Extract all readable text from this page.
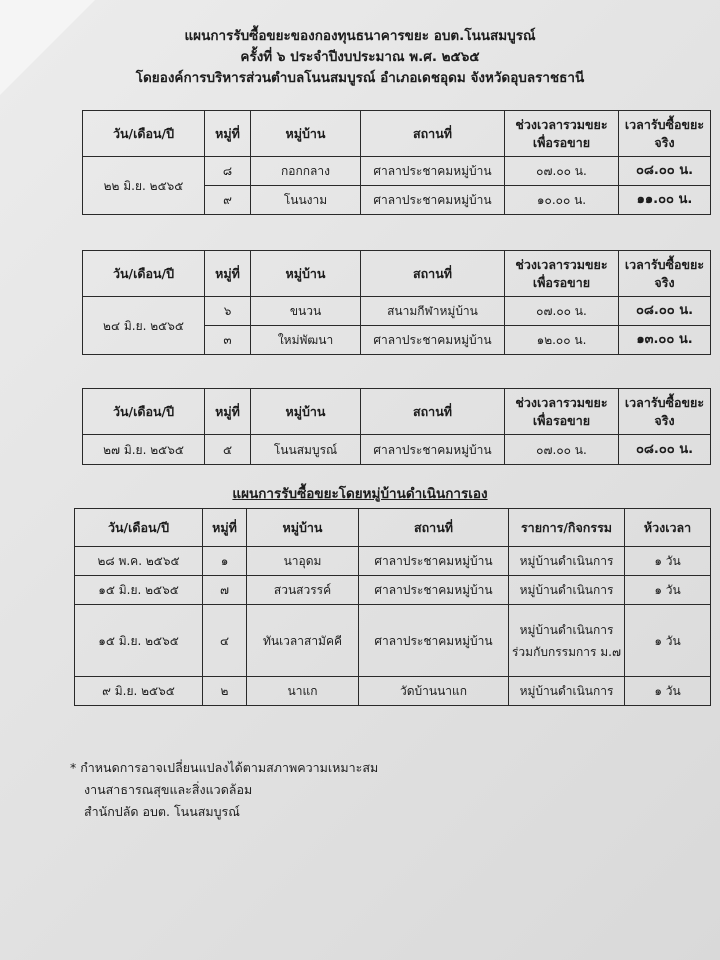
แผนการรับซื้อขยะของกองทุนธนาคารขยะ อบต.โนนสมบูรณ์
ครั้งที่ ๖ ประจำปีงบประมาณ พ.ศ. ๒๕๖๕
โดยองค์การบริหารส่วนตำบลโนนสมบูรณ์ อำเภอเดชอุดม จังหวัดอุบลราชธานี
วัน/เดือน/ปี	หมู่ที่	หมู่บ้าน	สถานที่	ช่วงเวลารวมขยะเพื่อรอขาย	เวลารับซื้อขยะจริง
๒๒ มิ.ย. ๒๕๖๕	๘	กอกกลาง	ศาลาประชาคมหมู่บ้าน	๐๗.๐๐ น.	๐๘.๐๐ น.
	๙	โนนงาม	ศาลาประชาคมหมู่บ้าน	๑๐.๐๐ น.	๑๑.๐๐ น.
วัน/เดือน/ปี	หมู่ที่	หมู่บ้าน	สถานที่	ช่วงเวลารวมขยะเพื่อรอขาย	เวลารับซื้อขยะจริง
๒๔ มิ.ย. ๒๕๖๕	๖	ขนวน	สนามกีฬาหมู่บ้าน	๐๗.๐๐ น.	๐๘.๐๐ น.
	๓	ใหม่พัฒนา	ศาลาประชาคมหมู่บ้าน	๑๒.๐๐ น.	๑๓.๐๐ น.
วัน/เดือน/ปี	หมู่ที่	หมู่บ้าน	สถานที่	ช่วงเวลารวมขยะเพื่อรอขาย	เวลารับซื้อขยะจริง
๒๗ มิ.ย. ๒๕๖๕	๕	โนนสมบูรณ์	ศาลาประชาคมหมู่บ้าน	๐๗.๐๐ น.	๐๘.๐๐ น.
แผนการรับซื้อขยะโดยหมู่บ้านดำเนินการเอง
วัน/เดือน/ปี	หมู่ที่	หมู่บ้าน	สถานที่	รายการ/กิจกรรม	ห้วงเวลา
๒๘ พ.ค. ๒๕๖๕	๑	นาอุดม	ศาลาประชาคมหมู่บ้าน	หมู่บ้านดำเนินการ	๑ วัน
๑๕ มิ.ย. ๒๕๖๕	๗	สวนสวรรค์	ศาลาประชาคมหมู่บ้าน	หมู่บ้านดำเนินการ	๑ วัน
๑๕ มิ.ย. ๒๕๖๕	๔	ทันเวลาสามัคคี	ศาลาประชาคมหมู่บ้าน	หมู่บ้านดำเนินการร่วมกับกรรมการ ม.๗	๑ วัน
๙ มิ.ย. ๒๕๖๕	๒	นาแก	วัดบ้านนาแก	หมู่บ้านดำเนินการ	๑ วัน
* กำหนดการอาจเปลี่ยนแปลงได้ตามสภาพความเหมาะสม
งานสาธารณสุขและสิ่งแวดล้อม
สำนักปลัด อบต. โนนสมบูรณ์
